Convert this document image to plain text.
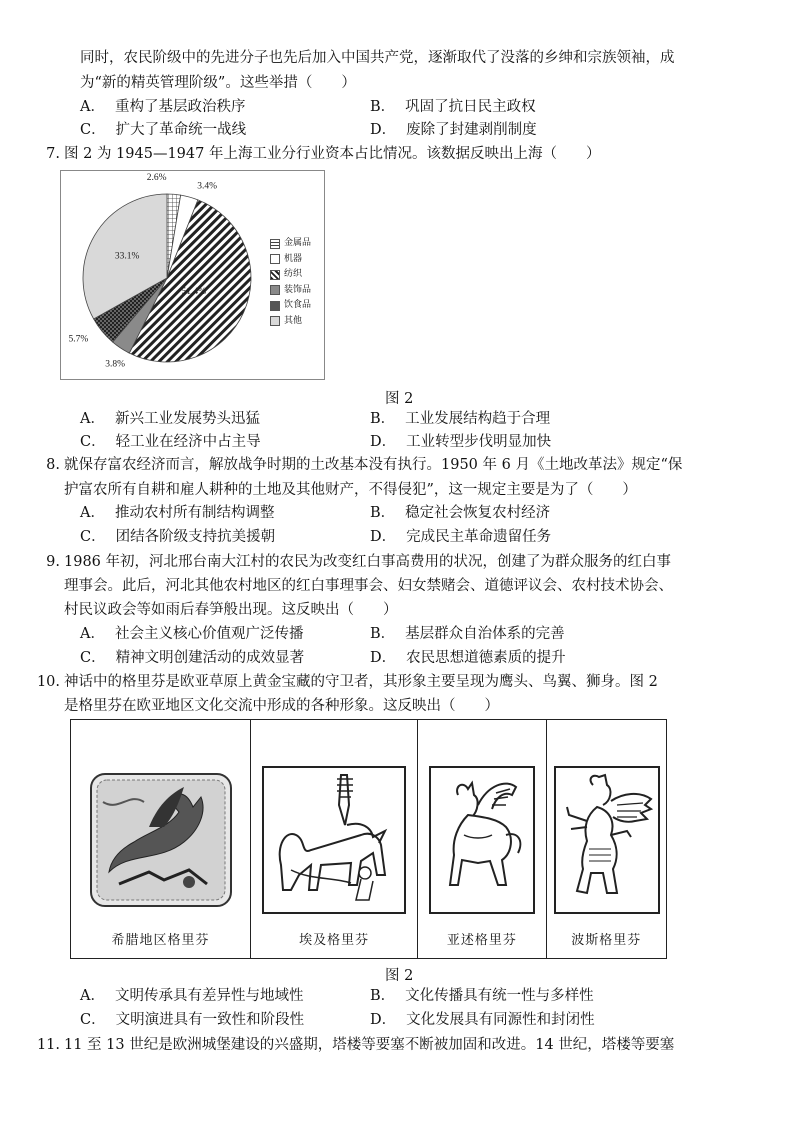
同时，农民阶级中的先进分子也先后加入中国共产党，逐渐取代了没落的乡绅和宗族领袖，成
为“新的精英管理阶级”。这些举措（　　）
A． 重构了基层政治秩序	B． 巩固了抗日民主政权
C． 扩大了革命统一战线	D． 废除了封建剥削制度
7. 图 2 为 1945—1947 年上海工业分行业资本占比情况。该数据反映出上海（　　）
2.6%
3.4%
51.4%
3.8%
5.7%
33.1%
金属品
机器
纺织
装饰品
饮食品
其他
图 2
A． 新兴工业发展势头迅猛	B． 工业发展结构趋于合理
C． 轻工业在经济中占主导	D． 工业转型步伐明显加快
8. 就保存富农经济而言，解放战争时期的土改基本没有执行。1950 年 6 月《土地改革法》规定“保
护富农所有自耕和雇人耕种的土地及其他财产，不得侵犯”，这一规定主要是为了（　　）
A． 推动农村所有制结构调整	B． 稳定社会恢复农村经济
C． 团结各阶级支持抗美援朝	D． 完成民主革命遗留任务
9. 1986 年初，河北邢台南大江村的农民为改变红白事高费用的状况，创建了为群众服务的红白事
理事会。此后，河北其他农村地区的红白事理事会、妇女禁赌会、道德评议会、农村技术协会、
村民议政会等如雨后春笋般出现。这反映出（　　）
A． 社会主义核心价值观广泛传播	B． 基层群众自治体系的完善
C． 精神文明创建活动的成效显著	D． 农民思想道德素质的提升
10. 神话中的格里芬是欧亚草原上黄金宝藏的守卫者，其形象主要呈现为鹰头、鸟翼、狮身。图 2
是格里芬在欧亚地区文化交流中形成的各种形象。这反映出（　　）
希腊地区格里芬	埃及格里芬	亚述格里芬	波斯格里芬
图 2
A． 文明传承具有差异性与地域性	B． 文化传播具有统一性与多样性
C． 文明演进具有一致性和阶段性	D． 文化发展具有同源性和封闭性
11. 11 至 13 世纪是欧洲城堡建设的兴盛期，塔楼等要塞不断被加固和改进。14 世纪，塔楼等要塞
